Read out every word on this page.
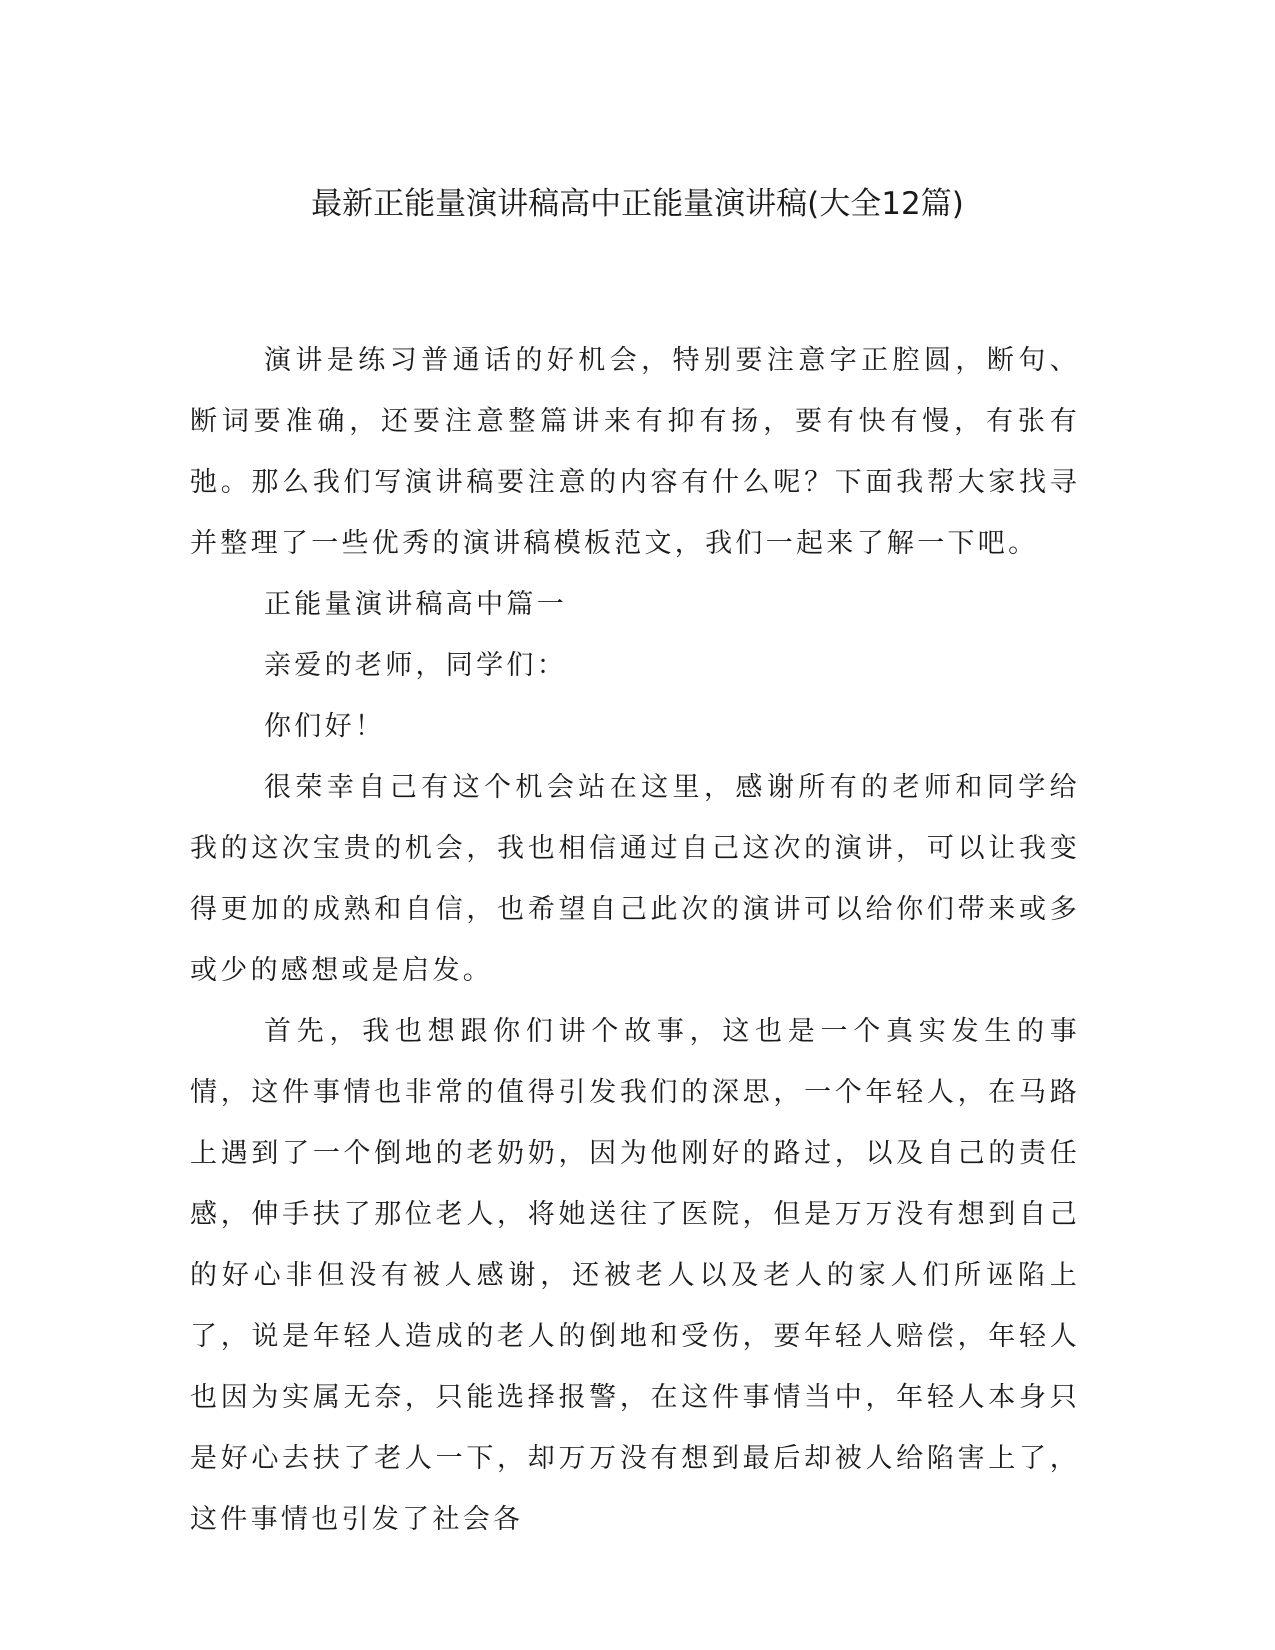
最新正能量演讲稿高中正能量演讲稿(大全12篇)

演讲是练习普通话的好机会，特别要注意字正腔圆，断句、断词要准确，还要注意整篇讲来有抑有扬，要有快有慢，有张有弛。那么我们写演讲稿要注意的内容有什么呢？下面我帮大家找寻并整理了一些优秀的演讲稿模板范文，我们一起来了解一下吧。

正能量演讲稿高中篇一

亲爱的老师，同学们：

你们好！

很荣幸自己有这个机会站在这里，感谢所有的老师和同学给我的这次宝贵的机会，我也相信通过自己这次的演讲，可以让我变得更加的成熟和自信，也希望自己此次的演讲可以给你们带来或多或少的感想或是启发。

首先，我也想跟你们讲个故事，这也是一个真实发生的事情，这件事情也非常的值得引发我们的深思，一个年轻人，在马路上遇到了一个倒地的老奶奶，因为他刚好的路过，以及自己的责任感，伸手扶了那位老人，将她送往了医院，但是万万没有想到自己的好心非但没有被人感谢，还被老人以及老人的家人们所诬陷上了，说是年轻人造成的老人的倒地和受伤，要年轻人赔偿，年轻人也因为实属无奈，只能选择报警，在这件事情当中，年轻人本身只是好心去扶了老人一下，却万万没有想到最后却被人给陷害上了，这件事情也引发了社会各
